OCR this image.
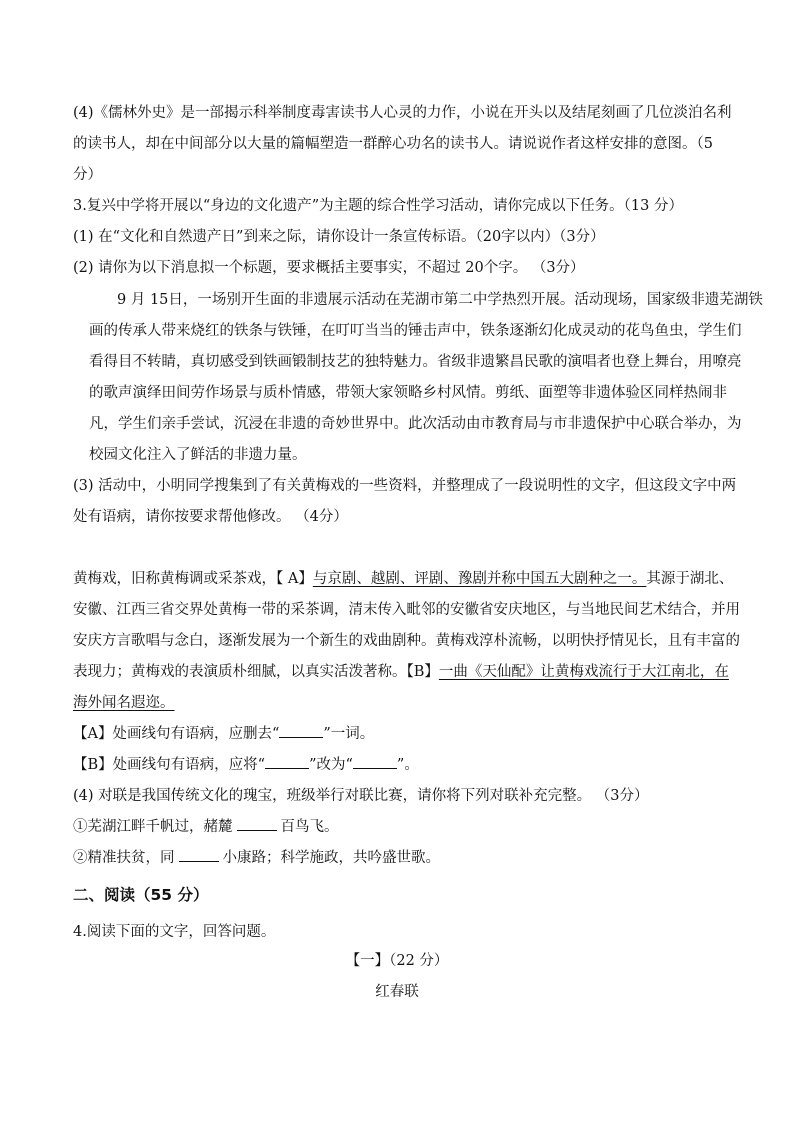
(4)《儒林外史》是一部揭示科举制度毒害读书人心灵的力作，小说在开头以及结尾刻画了几位淡泊名利
的读书人，却在中间部分以大量的篇幅塑造一群醉心功名的读书人。请说说作者这样安排的意图。（5
分）
3.复兴中学将开展以“身边的文化遗产”为主题的综合性学习活动，请你完成以下任务。（13 分）
(1) 在“文化和自然遗产日”到来之际，请你设计一条宣传标语。（20字以内）（3分）
(2) 请你为以下消息拟一个标题，要求概括主要事实，不超过 20个字。 （3分）
9 月 15日，一场别开生面的非遗展示活动在芜湖市第二中学热烈开展。活动现场，国家级非遗芜湖铁
画的传承人带来烧红的铁条与铁锤，在叮叮当当的锤击声中，铁条逐渐幻化成灵动的花鸟鱼虫，学生们
看得目不转睛，真切感受到铁画锻制技艺的独特魅力。省级非遗繁昌民歌的演唱者也登上舞台，用嘹亮
的歌声演绎田间劳作场景与质朴情感，带领大家领略乡村风情。剪纸、面塑等非遗体验区同样热闹非
凡，学生们亲手尝试，沉浸在非遗的奇妙世界中。此次活动由市教育局与市非遗保护中心联合举办，为
校园文化注入了鲜活的非遗力量。
(3) 活动中，小明同学搜集到了有关黄梅戏的一些资料，并整理成了一段说明性的文字，但这段文字中两
处有语病，请你按要求帮他修改。 （4分）
黄梅戏，旧称黄梅调或采茶戏，【 A】与京剧、越剧、评剧、豫剧并称中国五大剧种之一。其源于湖北、
安徽、江西三省交界处黄梅一带的采茶调，清末传入毗邻的安徽省安庆地区，与当地民间艺术结合，并用
安庆方言歌唱与念白，逐渐发展为一个新生的戏曲剧种。黄梅戏淳朴流畅，以明快抒情见长，且有丰富的
表现力；黄梅戏的表演质朴细腻，以真实活泼著称。【B】一曲《天仙配》让黄梅戏流行于大江南北，在
海外闻名遐迩。
【A】处画线句有语病，应删去“	”一词。
【B】处画线句有语病，应将“	”改为“	”。
(4) 对联是我国传统文化的瑰宝，班级举行对联比赛，请你将下列对联补充完整。 （3分）
①芜湖江畔千帆过，赭麓	百鸟飞。
②精准扶贫，同	小康路；科学施政，共吟盛世歌。
二、阅读（55 分）
4.阅读下面的文字，回答问题。
【一】（22 分）
红春联
